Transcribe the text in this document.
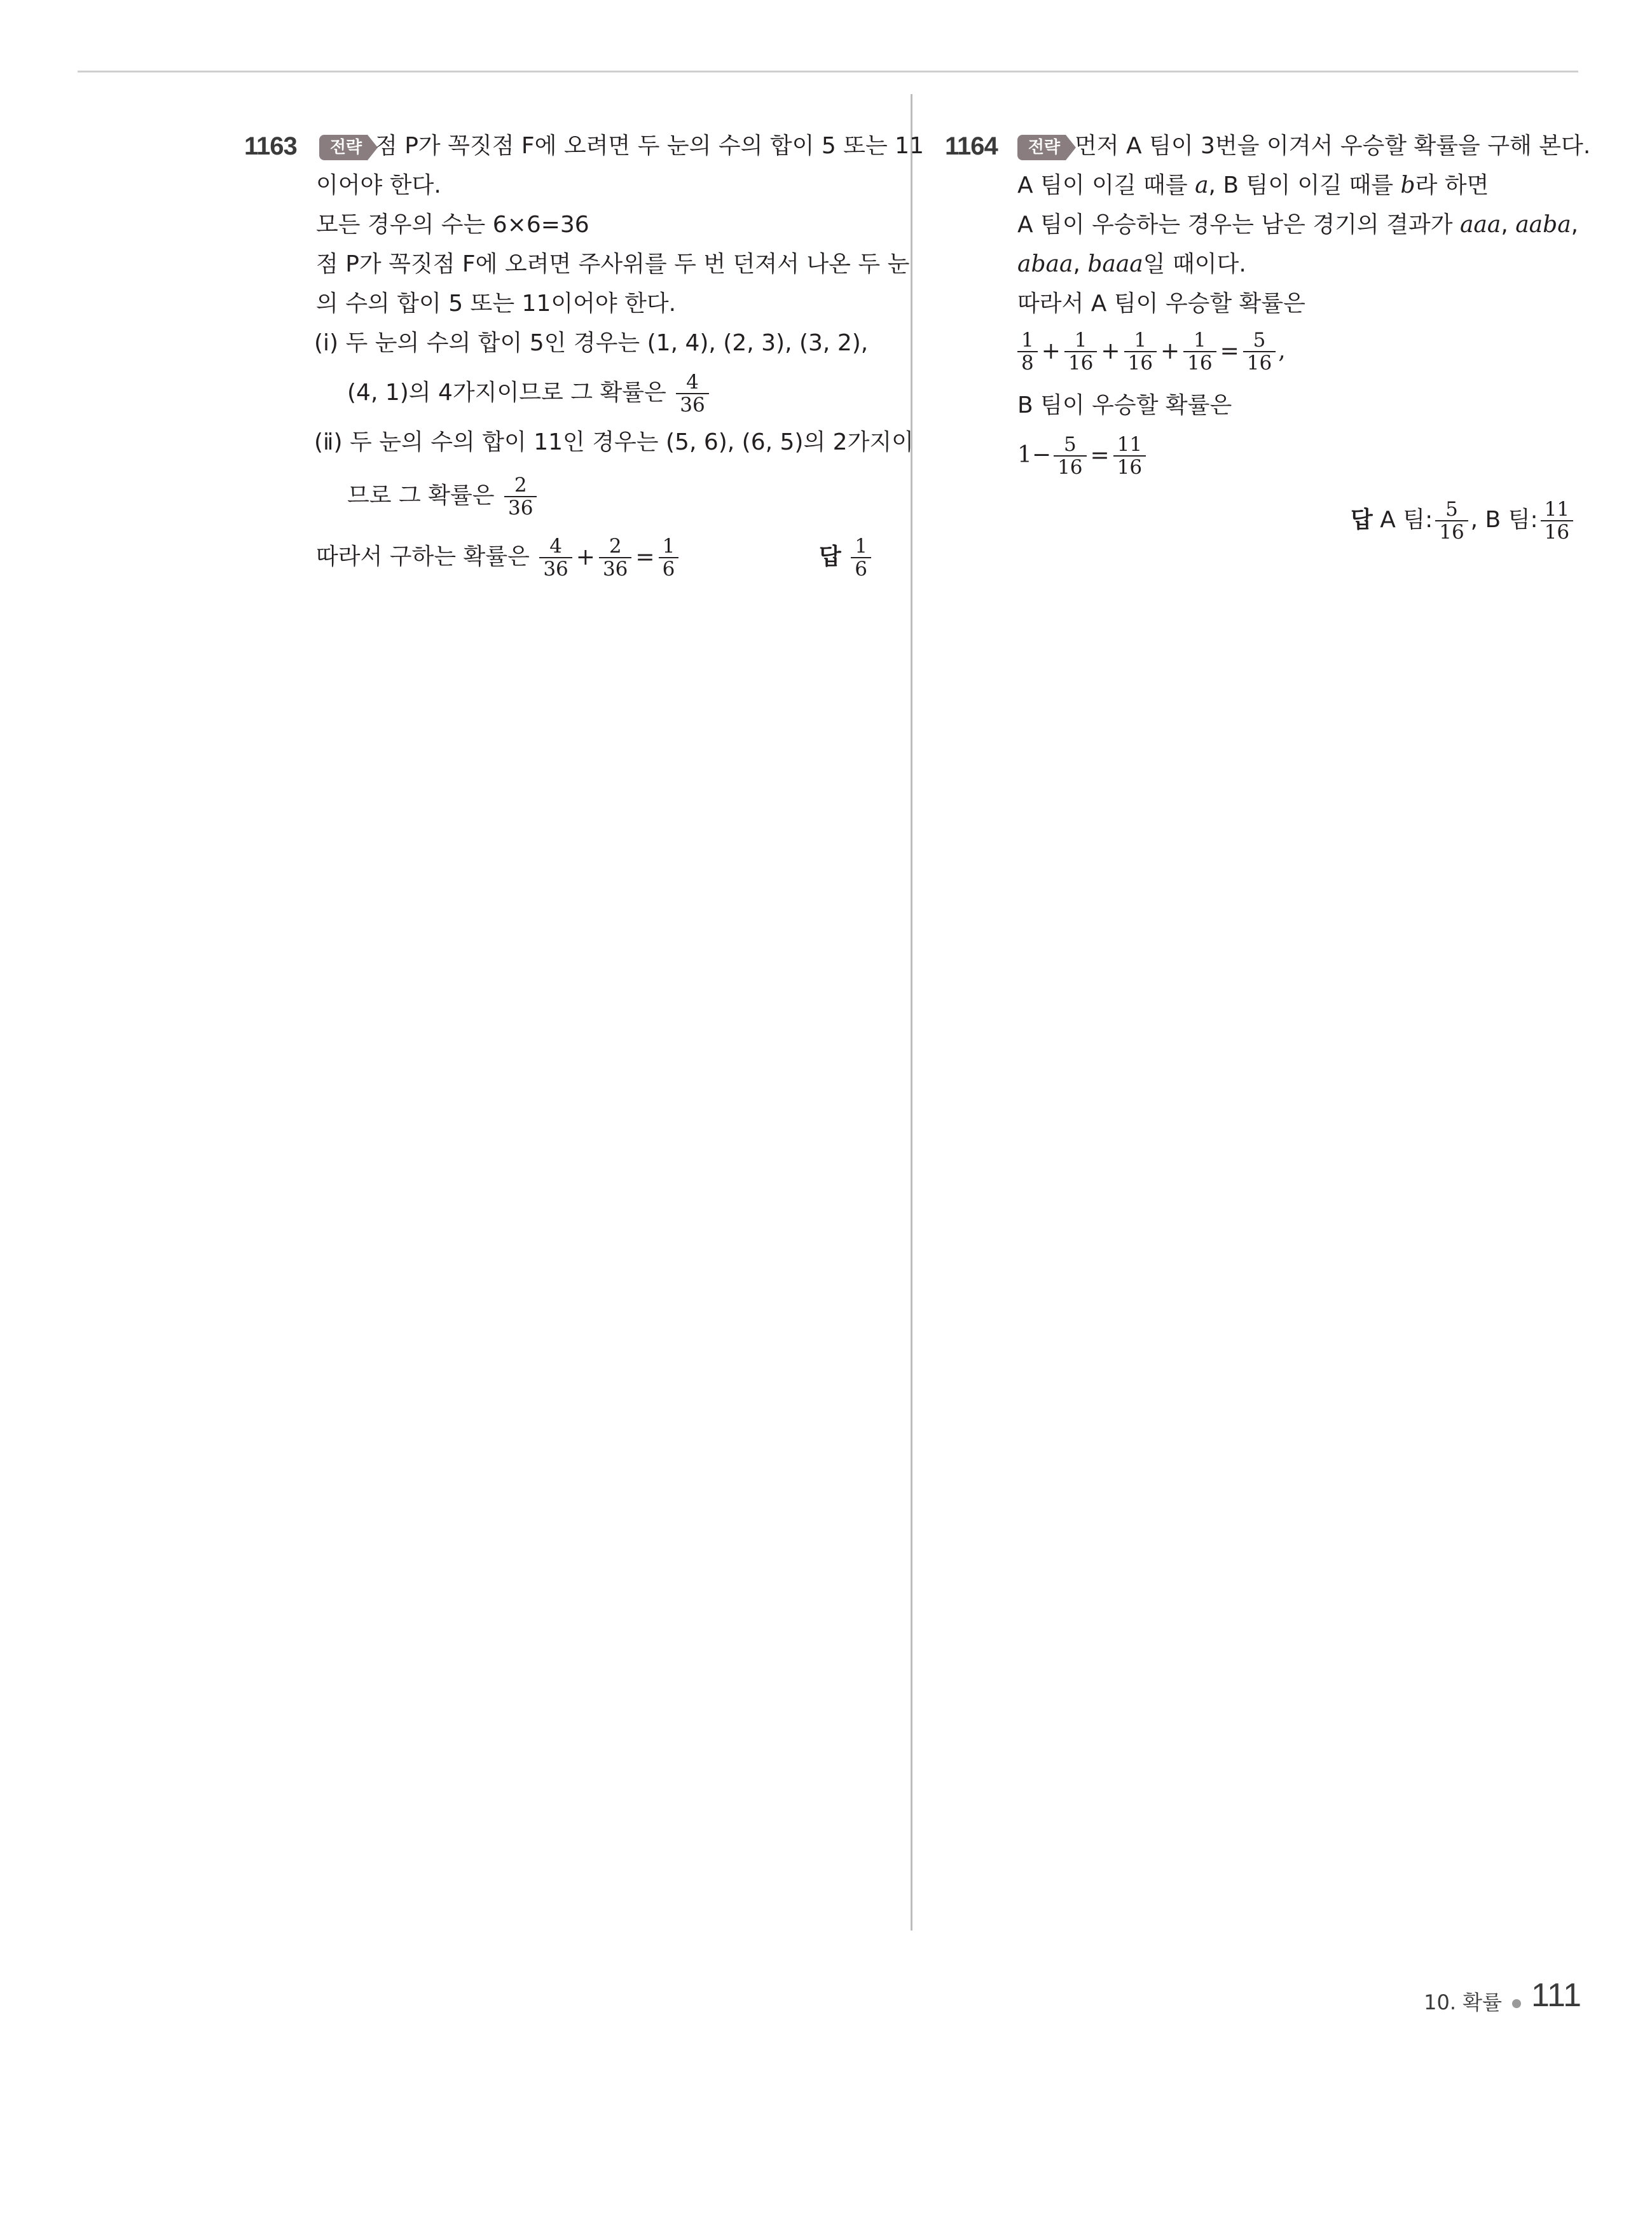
1163	전략 점 P가 꼭짓점 F에 오려면 두 눈의 수의 합이 5 또는 11
이어야 한다.
모든 경우의 수는 6×6=36
점 P가 꼭짓점 F에 오려면 주사위를 두 번 던져서 나온 두 눈
의 수의 합이 5 또는 11이어야 한다.
(ⅰ) 두 눈의 수의 합이 5인 경우는 (1, 4), (2, 3), (3, 2),
(4, 1)의 4가지이므로 그 확률은 $\frac{4}{36}$
(ⅱ) 두 눈의 수의 합이 11인 경우는 (5, 6), (6, 5)의 2가지이
므로 그 확률은 $\frac{2}{36}$
따라서 구하는 확률은 $\frac{4}{36} + \frac{2}{36} = \frac{1}{6}$	답 $\frac{1}{6}$
1164	전략 먼저 A 팀이 3번을 이겨서 우승할 확률을 구해 본다.
A 팀이 이길 때를 a, B 팀이 이길 때를 b라 하면
A 팀이 우승하는 경우는 남은 경기의 결과가 aaa, aaba,
abaa, baaa일 때이다.
따라서 A 팀이 우승할 확률은
$\frac{1}{8} + \frac{1}{16} + \frac{1}{16} + \frac{1}{16} = \frac{5}{16}$ ,
B 팀이 우승할 확률은
$1- \frac{5}{16} = \frac{11}{16}$
답 A 팀: $\frac{5}{16}$ , B 팀: $\frac{11}{16}$
10. 확률 111
